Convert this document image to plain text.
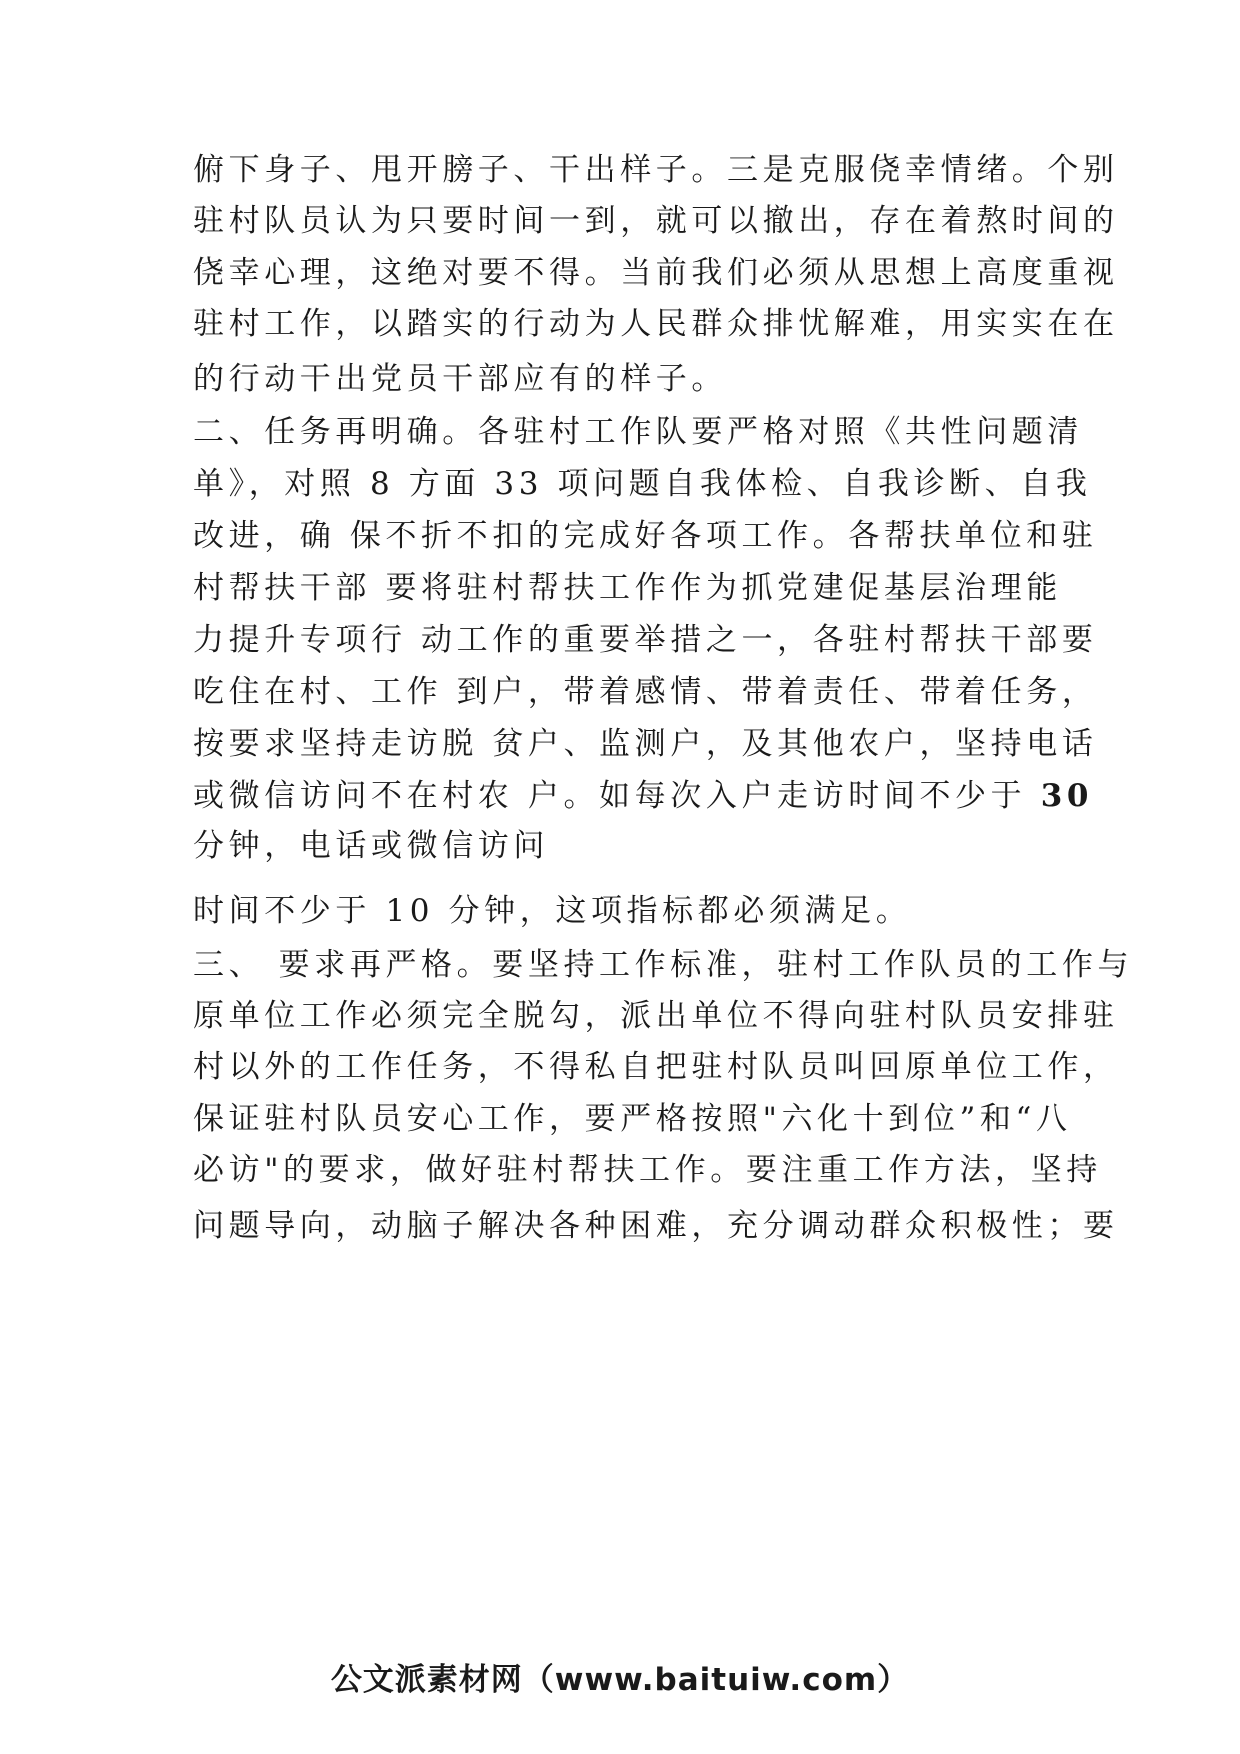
俯下身子、甩开膀子、干出样子。三是克服侥幸情绪。个别
驻村队员认为只要时间一到，就可以撤出，存在着熬时间的
侥幸心理，这绝对要不得。当前我们必须从思想上高度重视
驻村工作，以踏实的行动为人民群众排忧解难，用实实在在
的行动干出党员干部应有的样子。
二、任务再明确。各驻村工作队要严格对照《共性问题清
单》，对照 8 方面 33 项问题自我体检、自我诊断、自我
改进，确 保不折不扣的完成好各项工作。各帮扶单位和驻
村帮扶干部 要将驻村帮扶工作作为抓党建促基层治理能
力提升专项行 动工作的重要举措之一，各驻村帮扶干部要
吃住在村、工作 到户，带着感情、带着责任、带着任务，
按要求坚持走访脱 贫户、监测户，及其他农户，坚持电话
或微信访问不在村农 户。如每次入户走访时间不少于 30
分钟，电话或微信访问
时间不少于 10 分钟，这项指标都必须满足。
三、 要求再严格。要坚持工作标准，驻村工作队员的工作与
原单位工作必须完全脱勾，派出单位不得向驻村队员安排驻
村以外的工作任务，不得私自把驻村队员叫回原单位工作，
保证驻村队员安心工作，要严格按照"六化十到位”和“八
必访"的要求，做好驻村帮扶工作。要注重工作方法，坚持
问题导向，动脑子解决各种困难，充分调动群众积极性；要
公文派素材网（www.baituiw.com）
